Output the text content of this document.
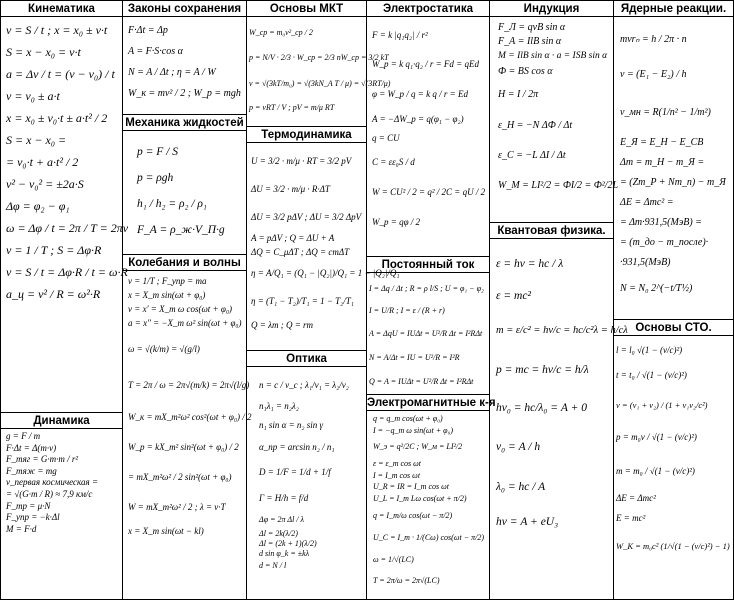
Кинематика
ν = S / t ; x = x₀ ± ν·t
S = x − x₀ = ν·t
a = Δν / t = (ν − ν₀) / t
ν = ν₀ ± a·t
x = x₀ ± ν₀·t ± a·t² / 2
S = x − x₀ =
= ν₀·t + a·t² / 2
ν² − ν₀² = ±2a·S
Δφ = φ₂ − φ₁
ω = Δφ / t = 2π / T = 2πν
ν = 1 / T ; S = Δφ·R
ν = S / t = Δφ·R / t = ω·R
a_ц = ν² / R = ω²·R
Динамика
g = F / m
F·Δt = Δ(m·ν)
F_тяг = G·m·m / r²
F_тяж = mg
ν_первая космическая =
= √(G·m / R) ≈ 7,9 км/с
F_тр = μ·N
F_упр = −k·Δl
M = F·d
Законы сохранения
F·Δt = Δp
A = F·S·cos α
N = A / Δt ; η = A / W
W_к = mν² / 2 ; W_р = mgh
Механика жидкостей
p = F / S
p = ρgh
h₁ / h₂ = ρ₂ / ρ₁
F_A = ρ_ж·V_П·g
Колебания и волны
ν = 1/T ; F_упр = ma
x = X_m sin(ωt + φ₀)
ν = x′ = X_m ω cos(ωt + φ₀)
a = x″ = −X_m ω² sin(ωt + φ₀)
ω = √(k/m) = √(g/l)
T = 2π / ω = 2π√(m/k) = 2π√(l/g)
W_к = mX_m²ω² cos²(ωt + φ₀) / 2
W_р = kX_m² sin²(ωt + φ₀) / 2
= mX_m²ω² / 2 sin²(ωt + φ₀)
W = mX_m²ω² / 2 ; λ = ν·T
x = X_m sin(ωt − kl)
Основы МКТ
W_ср = m₀ν²_ср / 2
p = N/V · 2/3 · W_ср = 2/3 nW_ср = 3/2 kT
ν = √(3kT/m₀) = √(3kN_A T / μ) = √(3RT/μ)
p = νRT / V ; pV = m/μ RT
Термодинамика
U = 3/2 · m/μ · RT = 3/2 pV
ΔU = 3/2 · m/μ · R·ΔT
ΔU = 3/2 pΔV ; ΔU = 3/2 ΔpV
A = pΔV ; Q = ΔU + A
ΔQ = C_μΔT ; ΔQ = cmΔT
η = A/Q₁ = (Q₁ − |Q₂|)/Q₁ = 1 − |Q₂|/Q₁
η = (T₁ − T₂)/T₁ = 1 − T₂/T₁
Q = λm ; Q = rm
Оптика
n = c / ν_c ; λ₁/ν₁ = λ₂/ν₂
n₁λ₁ = n₂λ₂
n₁ sin α = n₂ sin γ
α_пр = arcsin n₂ / n₁
D = 1/F = 1/d + 1/f
Γ = H/h = f/d
Δφ = 2π Δl / λ
Δl = 2k(λ/2)
Δl = (2k + 1)(λ/2)
d sin φ_k = ±kλ
d = N / l
Электростатика
F = k |q₁q₂| / r²
W_р = k q₁·q₂ / r = Fd = qEd
φ = W_р / q = k q / r = Ed
A = −ΔW_р = q(φ₁ − φ₂)
q = CU
C = εε₀S / d
W = CU² / 2 = q² / 2C = qU / 2
W_р = qφ / 2
Постоянный ток
I = Δq / Δt ; R = ρ l/S ; U = φ₁ − φ₂
I = U/R ; I = ε / (R + r)
A = ΔqU = IUΔt = U²/R Δt = I²RΔt
N = A/Δt = IU = U²/R = I²R
Q = A = IUΔt = U²/R Δt = I²RΔt
Электромагнитные к-я
q = q_m cos(ωt + φ₀)
I = −q_m ω sin(ωt + φ₀)
W_э = q²/2C ; W_м = LI²/2
ε = ε_m cos ωt
I = I_m cos ωt
U_R = IR = I_m cos ωt
U_L = I_m Lω cos(ωt + π/2)
q = I_m/ω cos(ωt − π/2)
U_C = I_m · 1/(Cω) cos(ωt − π/2)
ω = 1/√(LC)
T = 2π/ω = 2π√(LC)
Индукция
F_Л = qνB sin α
F_А = IlB sin α
M = IlB sin α · a = ISB sin α
Ф = BS cos α
H = I / 2π
ε_Н = −N ΔФ / Δt
ε_С = −L ΔI / Δt
W_М = LI²/2 = ФI/2 = Ф²/2L
Квантовая физика.
ε = hν = hc / λ
ε = mc²
m = ε/c² = hν/c = hc/c²λ = h/cλ
p = mc = hν/c = h/λ
hν₀ = hc/λ₀ = A + 0
ν₀ = A / h
λ₀ = hc / A
hν = A + eU₃
Ядерные реакции.
mνrₙ = h / 2π · n
ν = (E₁ − E₂) / h
ν_мн = R(1/n² − 1/m²)
E_Я = E_Н − E_СВ
Δm = m_Н − m_Я =
= (Zm_P + Nm_n) − m_Я
ΔE = Δmc² =
= Δm·931,5(МэВ) =
= (m_до − m_после)·
·931,5(МэВ)
N = N₀ 2^(−t/T½)
Основы СТО.
l = l₀ √(1 − (ν/c)²)
t = t₀ / √(1 − (ν/c)²)
ν = (ν₁ + ν₂) / (1 + ν₁ν₂/c²)
p = m₀ν / √(1 − (ν/c)²)
m = m₀ / √(1 − (ν/c)²)
ΔE = Δmc²
E = mc²
W_К = m₀c² (1/√(1 − (ν/c)²) − 1)
